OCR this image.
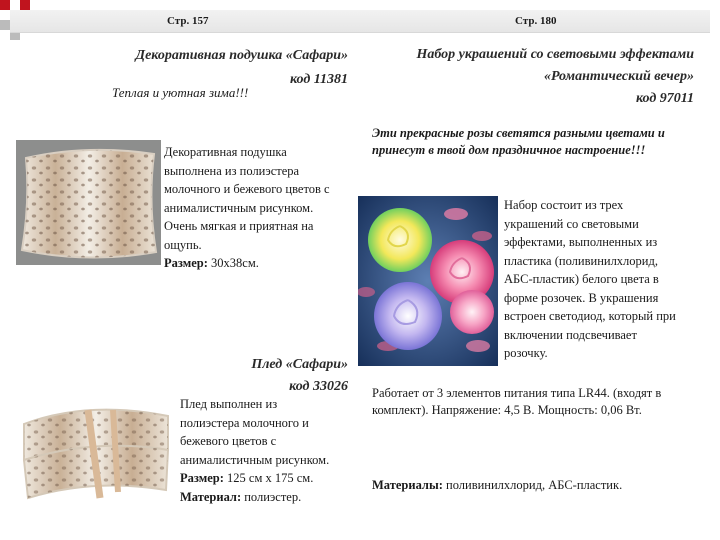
Стр. 157	Стр. 180
Декоративная подушка «Сафари»
код 11381
Теплая и уютная зима!!!
Декоративная подушка
выполнена из полиэстера
молочного и бежевого цветов с
анималистичным рисунком.
Очень мягкая и приятная на
ощупь.
Размер: 30х38см.
Плед «Сафари»
код 33026
Плед выполнен из
полиэстера молочного и
бежевого цветов с
анималистичным рисунком.
Размер: 125 см х 175 см.
Материал: полиэстер.
Набор украшений со световыми эффектами
«Романтический вечер»
код 97011
Эти прекрасные розы светятся разными цветами и
принесут в твой дом праздничное настроение!!!
Набор состоит из трех
украшений со световыми
эффектами, выполненных из
пластика (поливинилхлорид,
АБС-пластик) белого цвета в
форме розочек. В украшения
встроен светодиод, который при
включении подсвечивает
розочку.
Работает от 3 элементов питания типа LR44. (входят в
комплект). Напряжение: 4,5 В. Мощность: 0,06 Вт.
Материалы: поливинилхлорид, АБС-пластик.
